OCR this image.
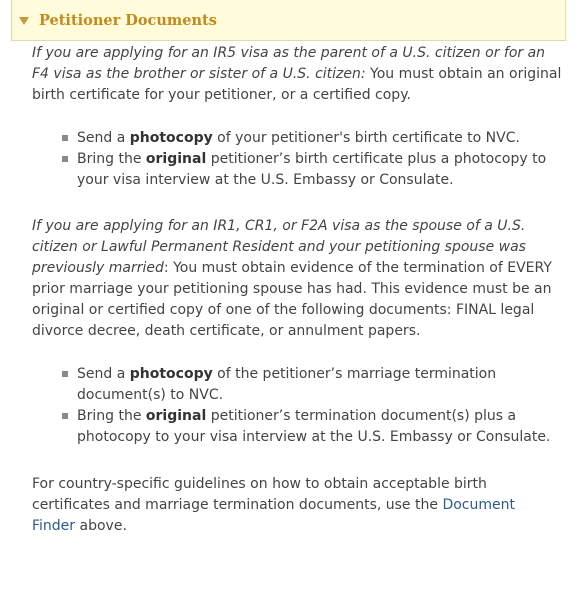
Petitioner Documents

If you are applying for an IR5 visa as the parent of a U.S. citizen or for an F4 visa as the brother or sister of a U.S. citizen: You must obtain an original birth certificate for your petitioner, or a certified copy.

Send a photocopy of your petitioner's birth certificate to NVC.
Bring the original petitioner’s birth certificate plus a photocopy to your visa interview at the U.S. Embassy or Consulate.

If you are applying for an IR1, CR1, or F2A visa as the spouse of a U.S. citizen or Lawful Permanent Resident and your petitioning spouse was previously married: You must obtain evidence of the termination of EVERY prior marriage your petitioning spouse has had. This evidence must be an original or certified copy of one of the following documents: FINAL legal divorce decree, death certificate, or annulment papers.

Send a photocopy of the petitioner’s marriage termination document(s) to NVC.
Bring the original petitioner’s termination document(s) plus a photocopy to your visa interview at the U.S. Embassy or Consulate.

For country-specific guidelines on how to obtain acceptable birth certificates and marriage termination documents, use the Document Finder above.
